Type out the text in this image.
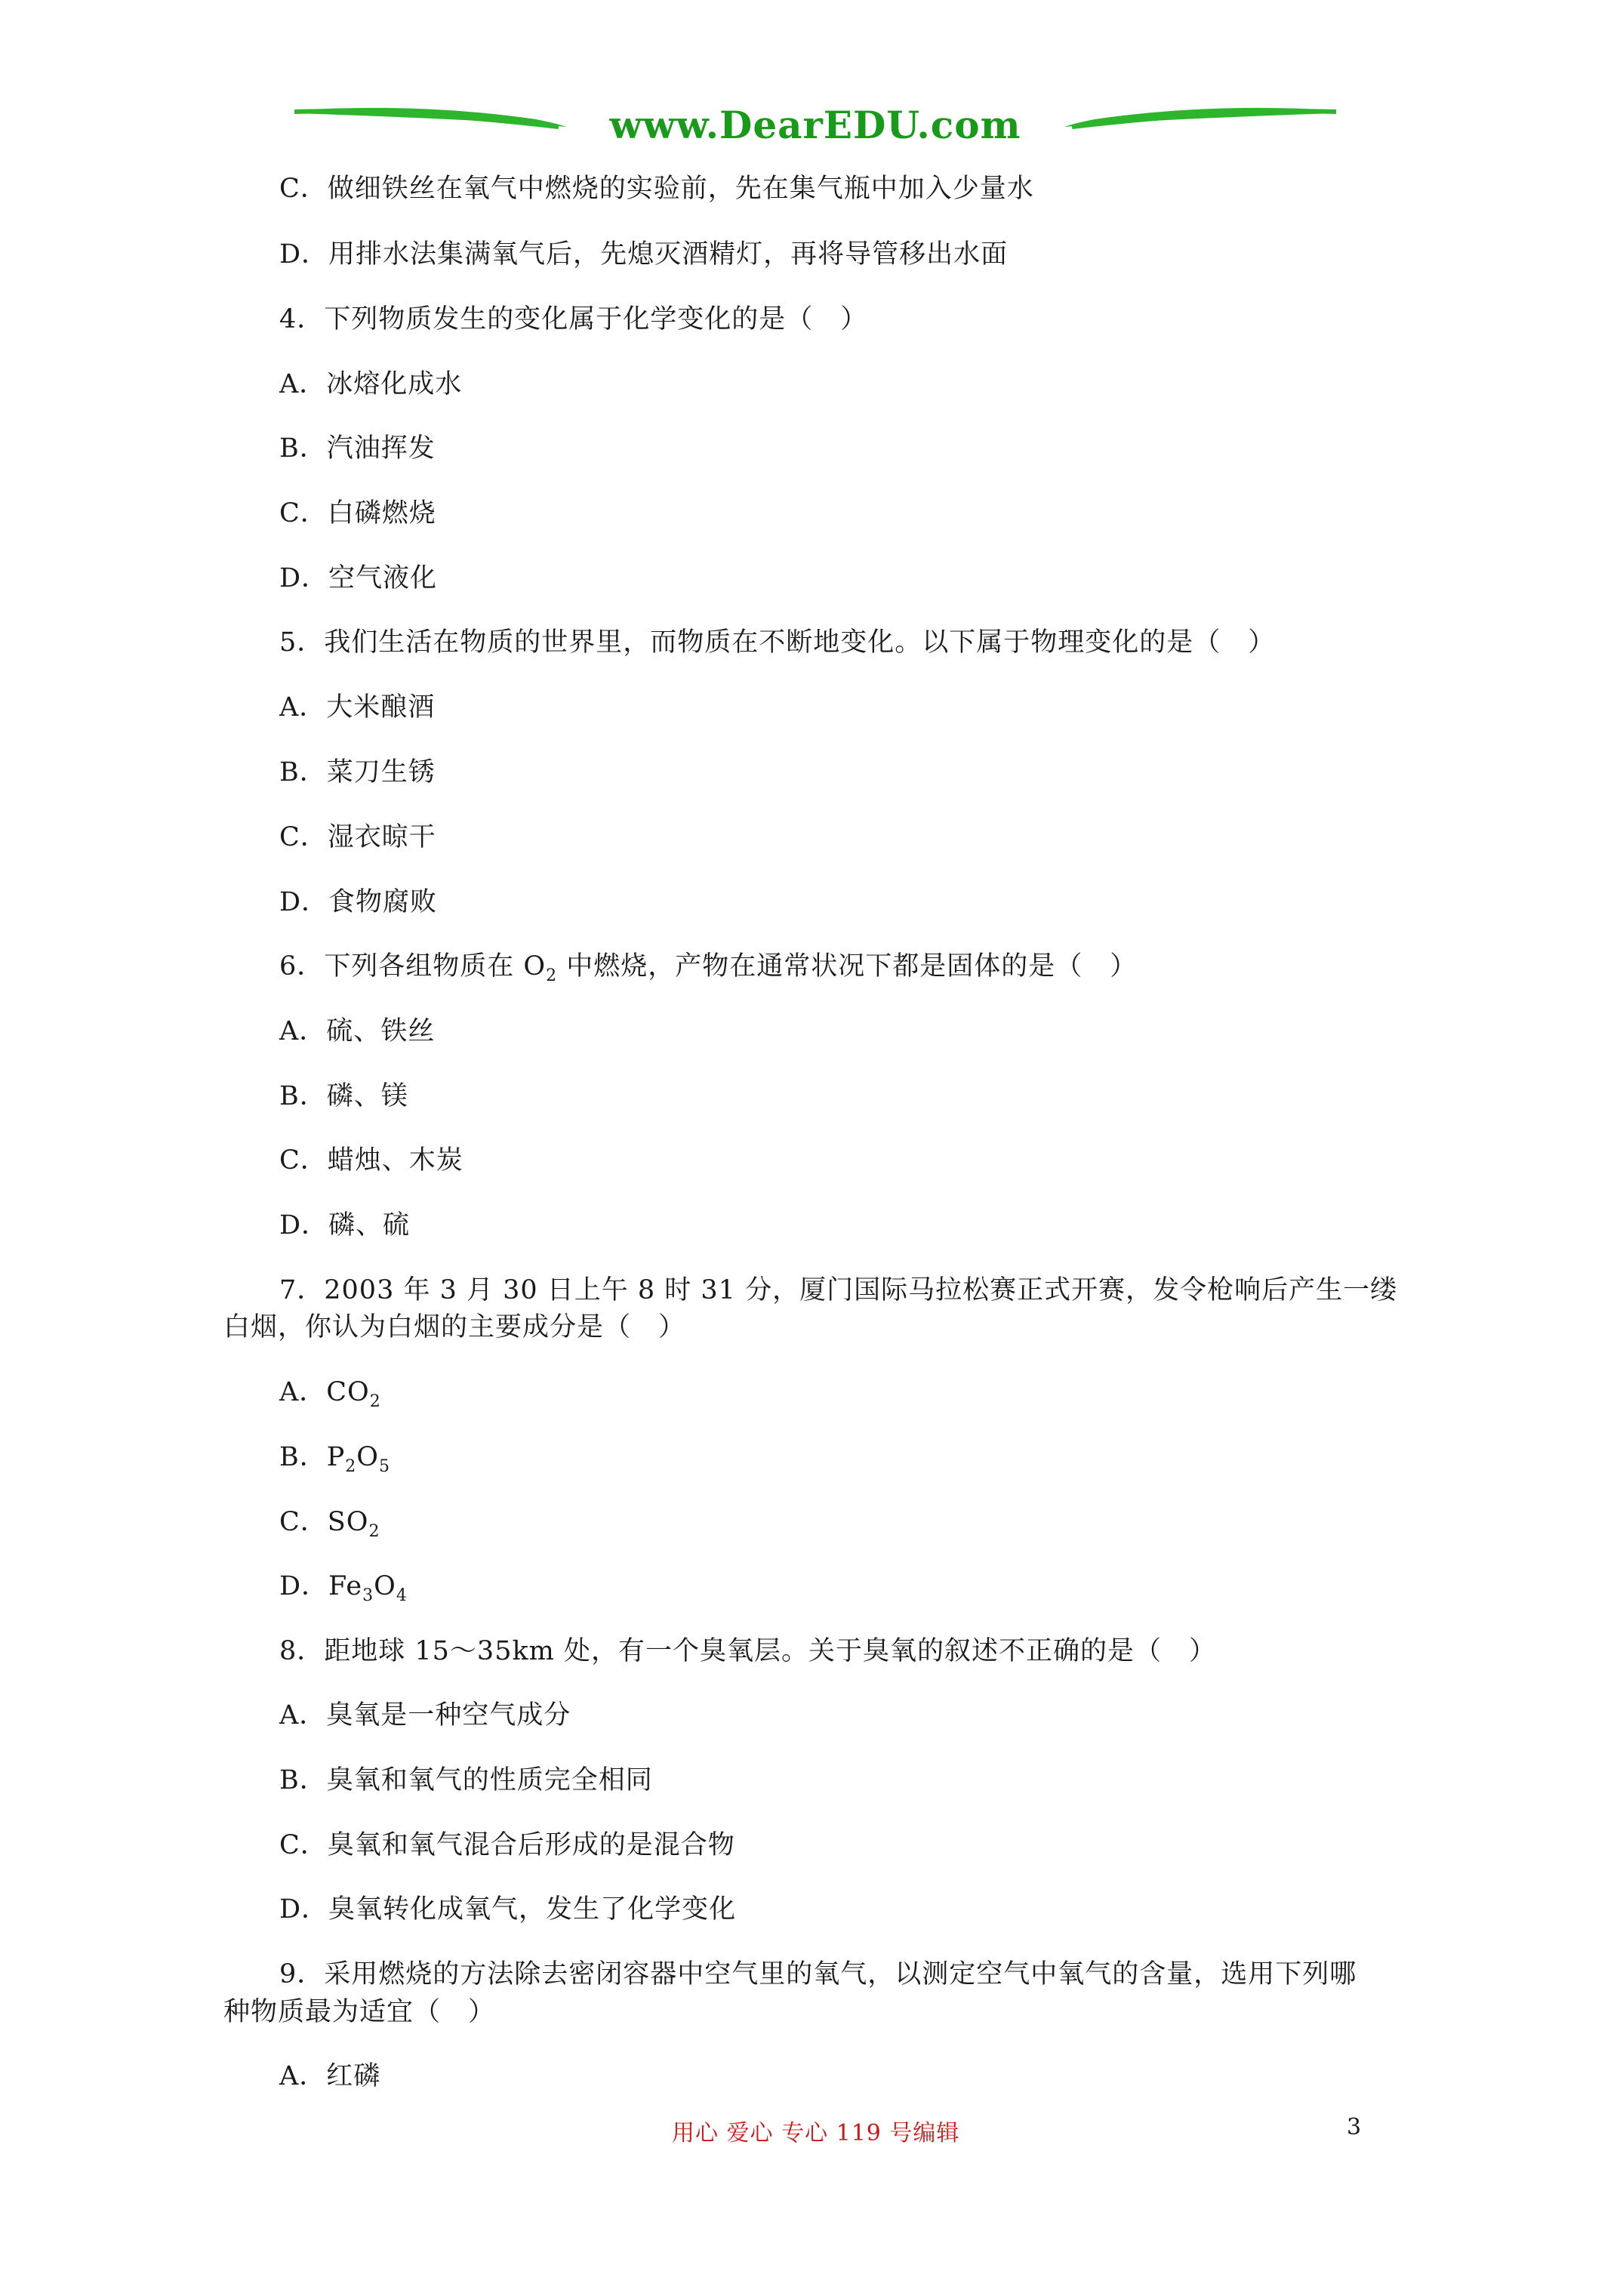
www.DearEDU.com
C．做细铁丝在氧气中燃烧的实验前，先在集气瓶中加入少量水
D．用排水法集满氧气后，先熄灭酒精灯，再将导管移出水面
4．下列物质发生的变化属于化学变化的是（　）
A．冰熔化成水
B．汽油挥发
C．白磷燃烧
D．空气液化
5．我们生活在物质的世界里，而物质在不断地变化。以下属于物理变化的是（　）
A．大米酿酒
B．菜刀生锈
C．湿衣晾干
D．食物腐败
6．下列各组物质在 $O_2$ 中燃烧，产物在通常状况下都是固体的是（　）
A．硫、铁丝
B．磷、镁
C．蜡烛、木炭
D．磷、硫
7．2003 年 3 月 30 日上午 8 时 31 分，厦门国际马拉松赛正式开赛，发令枪响后产生一缕
白烟，你认为白烟的主要成分是（　）
A．$CO_2$
B．$P_2O_5$
C．$SO_2$
D．$Fe_3O_4$
8．距地球 15～35km 处，有一个臭氧层。关于臭氧的叙述不正确的是（　）
A．臭氧是一种空气成分
B．臭氧和氧气的性质完全相同
C．臭氧和氧气混合后形成的是混合物
D．臭氧转化成氧气，发生了化学变化
9．采用燃烧的方法除去密闭容器中空气里的氧气，以测定空气中氧气的含量，选用下列哪
种物质最为适宜（　）
A．红磷
用心 爱心 专心 119 号编辑	3
